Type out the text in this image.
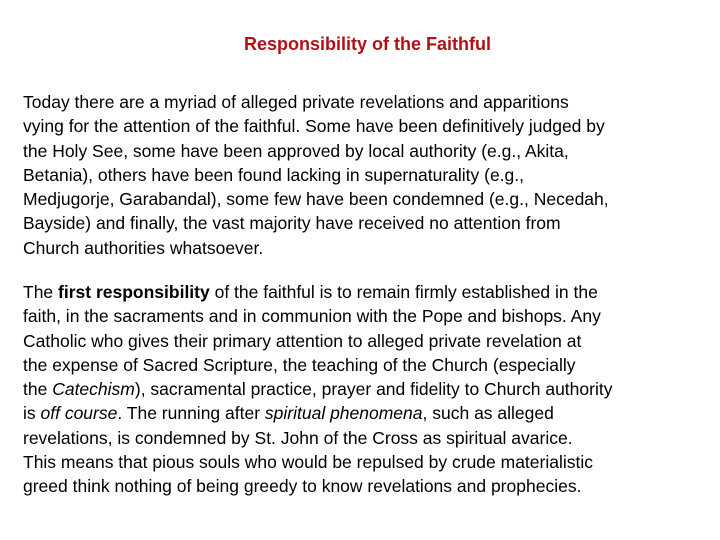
Responsibility of the Faithful
Today there are a myriad of alleged private revelations and apparitions
vying for the attention of the faithful. Some have been definitively judged by
the Holy See, some have been approved by local authority (e.g., Akita,
Betania), others have been found lacking in supernaturality (e.g.,
Medjugorje, Garabandal), some few have been condemned (e.g., Necedah,
Bayside) and finally, the vast majority have received no attention from
Church authorities whatsoever.
The first responsibility of the faithful is to remain firmly established in the
faith, in the sacraments and in communion with the Pope and bishops. Any
Catholic who gives their primary attention to alleged private revelation at
the expense of Sacred Scripture, the teaching of the Church (especially
the Catechism), sacramental practice, prayer and fidelity to Church authority
is off course. The running after spiritual phenomena, such as alleged
revelations, is condemned by St. John of the Cross as spiritual avarice.
This means that pious souls who would be repulsed by crude materialistic
greed think nothing of being greedy to know revelations and prophecies.
